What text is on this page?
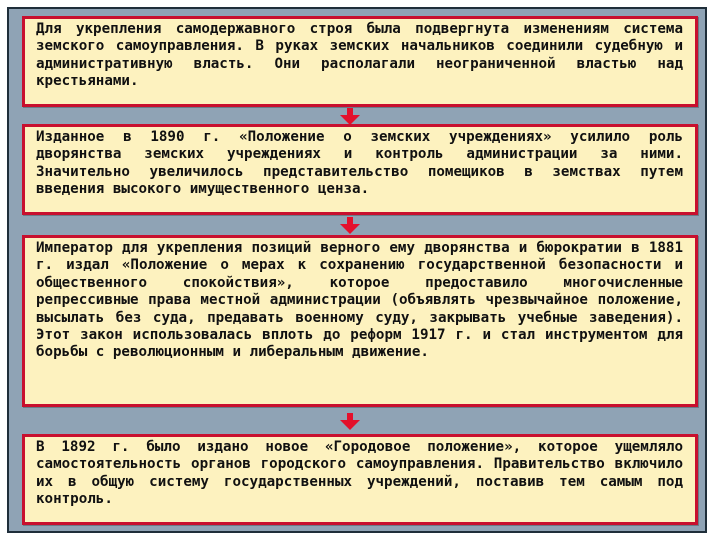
Для укрепления самодержавного строя была подвергнута изменениям система земского самоуправления. В руках земских начальников соединили судебную и административную власть. Они располагали неограниченной властью над крестьянами.

Изданное в 1890 г. «Положение о земских учреждениях» усилило роль дворянства земских учреждениях и контроль администрации за ними. Значительно увеличилось представительство помещиков в земствах путем введения высокого имущественного ценза.

Император для укрепления позиций верного ему дворянства и бюрократии в 1881 г. издал «Положение о мерах к сохранению государственной безопасности и общественного спокойствия», которое предоставило многочисленные репрессивные права местной администрации (объявлять чрезвычайное положение, высылать без суда, предавать военному суду, закрывать учебные заведения). Этот закон использовалась вплоть до реформ 1917 г. и стал инструментом для борьбы с революционным и либеральным движение.

В 1892 г. было издано новое «Городовое положение», которое ущемляло самостоятельность органов городского самоуправления. Правительство включило их в общую систему государственных учреждений, поставив тем самым под контроль.
